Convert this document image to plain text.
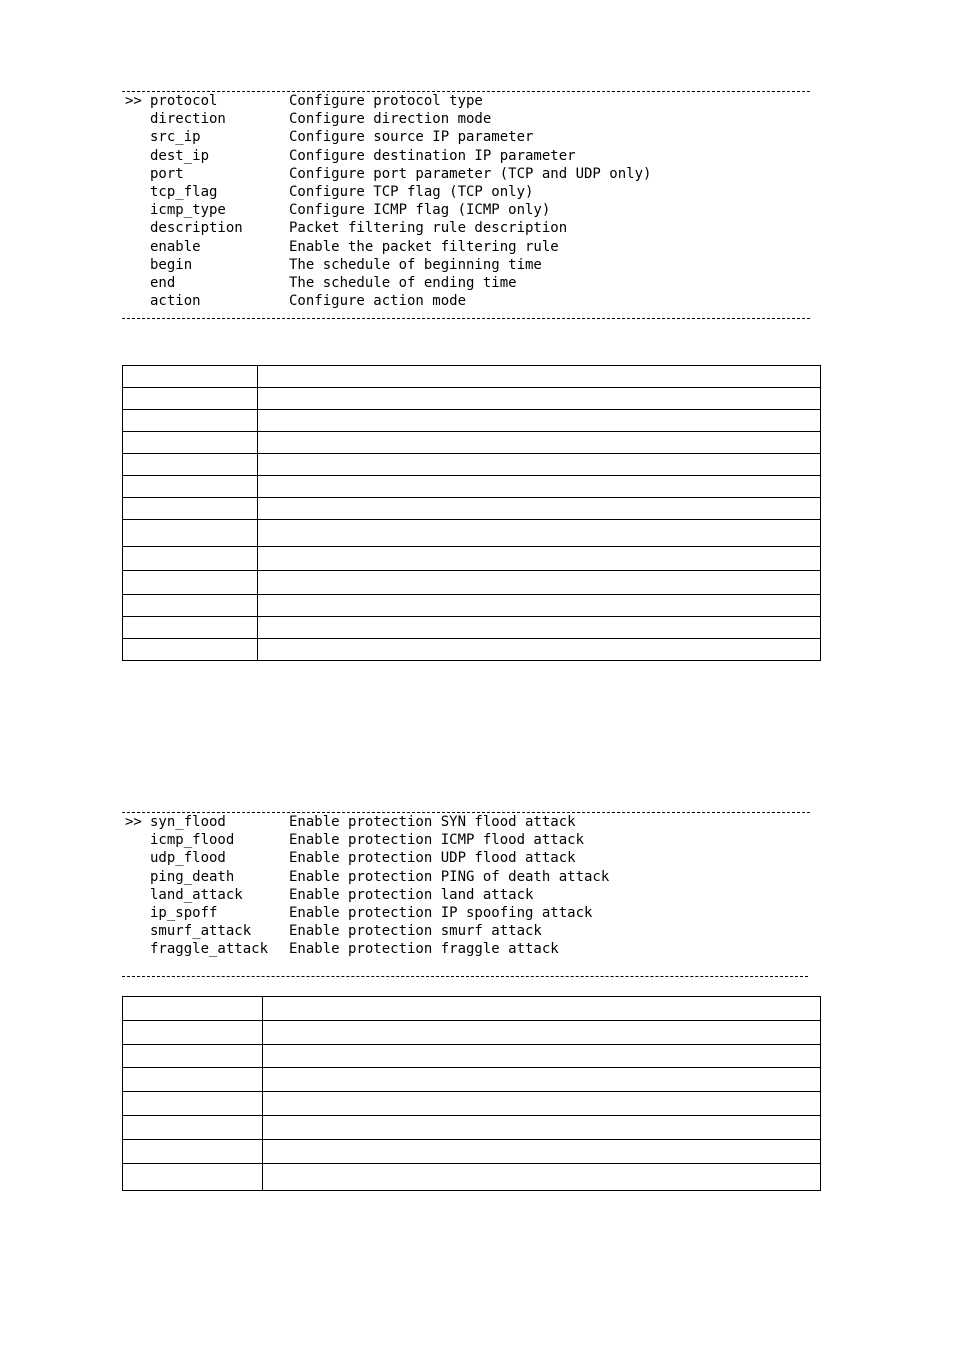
>> protocol	Configure protocol type
direction	Configure direction mode
src_ip	Configure source IP parameter
dest_ip	Configure destination IP parameter
port	Configure port parameter (TCP and UDP only)
tcp_flag	Configure TCP flag (TCP only)
icmp_type	Configure ICMP flag (ICMP only)
description	Packet filtering rule description
enable	Enable the packet filtering rule
begin	The schedule of beginning time
end	The schedule of ending time
action	Configure action mode

>> syn_flood	Enable protection SYN flood attack
icmp_flood	Enable protection ICMP flood attack
udp_flood	Enable protection UDP flood attack
ping_death	Enable protection PING of death attack
land_attack	Enable protection land attack
ip_spoff	Enable protection IP spoofing attack
smurf_attack	Enable protection smurf attack
fraggle_attack Enable protection fraggle attack
